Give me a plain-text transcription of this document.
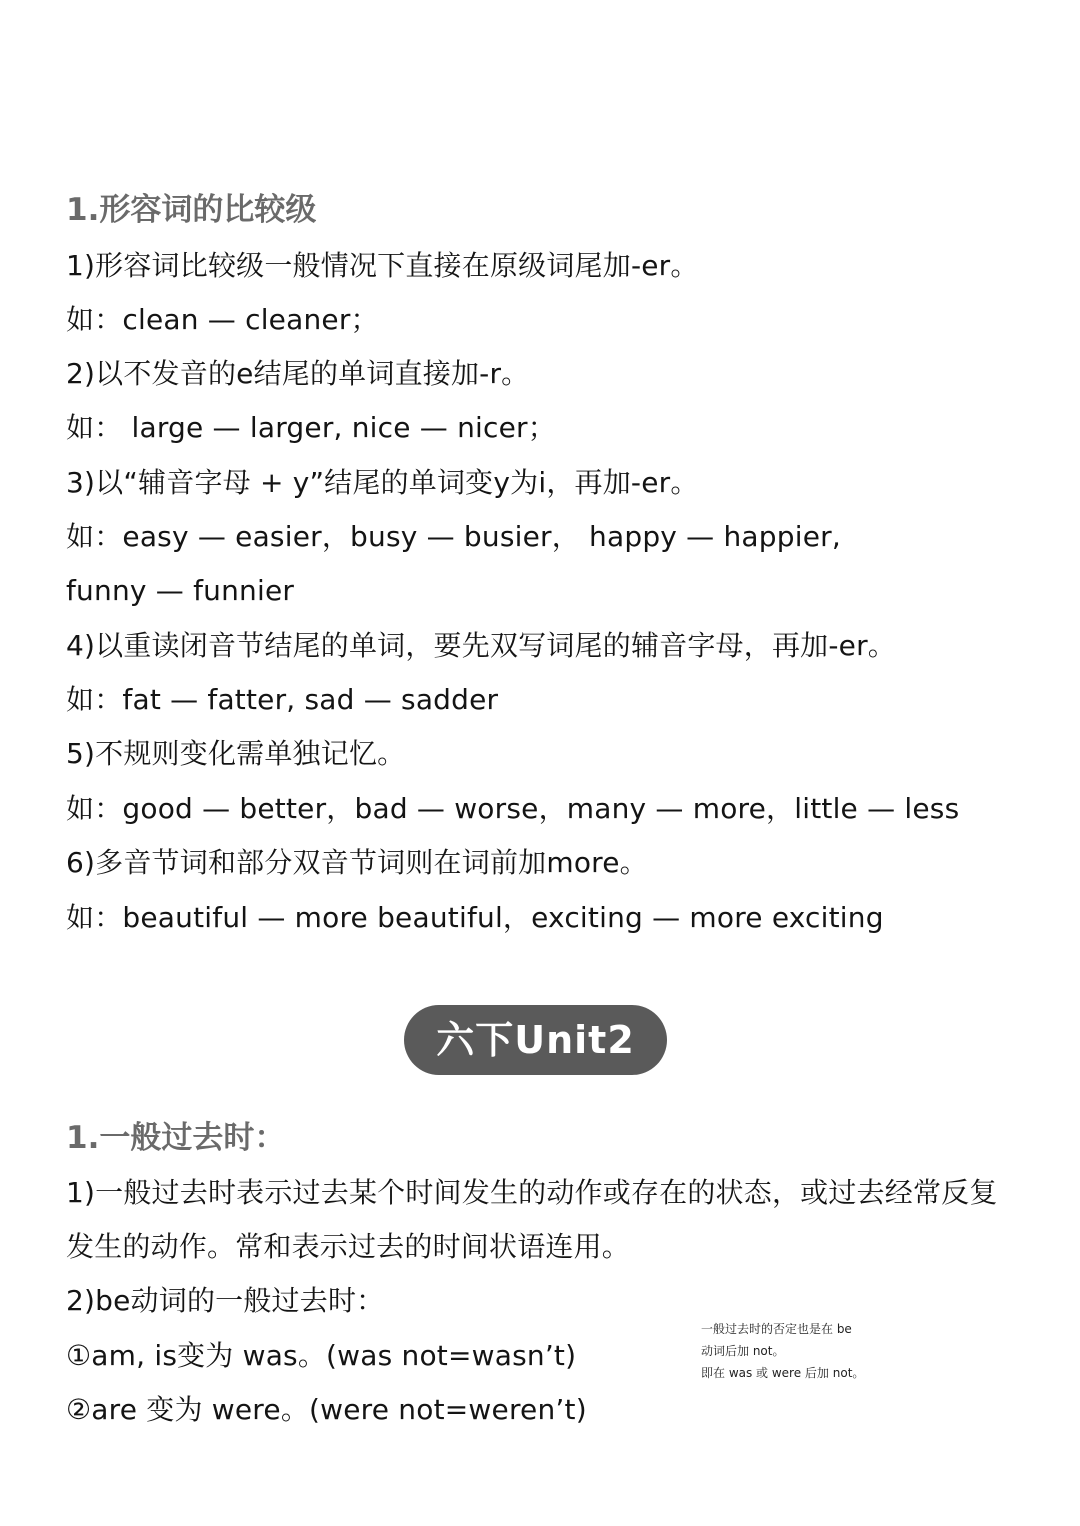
1.形容词的比较级
1)形容词比较级一般情况下直接在原级词尾加-er。
如：clean — cleaner；
2)以不发音的e结尾的单词直接加-r。
如： large — larger, nice — nicer；
3)以“辅音字母 + y”结尾的单词变y为i，再加-er。
如：easy — easier，busy — busier， happy — happier,
funny — funnier
4)以重读闭音节结尾的单词，要先双写词尾的辅音字母，再加-er。
如：fat — fatter, sad — sadder
5)不规则变化需单独记忆。
如：good — better，bad — worse，many — more，little — less
6)多音节词和部分双音节词则在词前加more。
如：beautiful — more beautiful，exciting — more exciting
六下Unit2
1.一般过去时：
1)一般过去时表示过去某个时间发生的动作或存在的状态，或过去经常反复
发生的动作。常和表示过去的时间状语连用。
2)be动词的一般过去时：
①am, is变为 was。(was not=wasn’t)
②are 变为 were。(were not=weren’t)
一般过去时的否定也是在 be
动词后加 not。
即在 was 或 were 后加 not。
